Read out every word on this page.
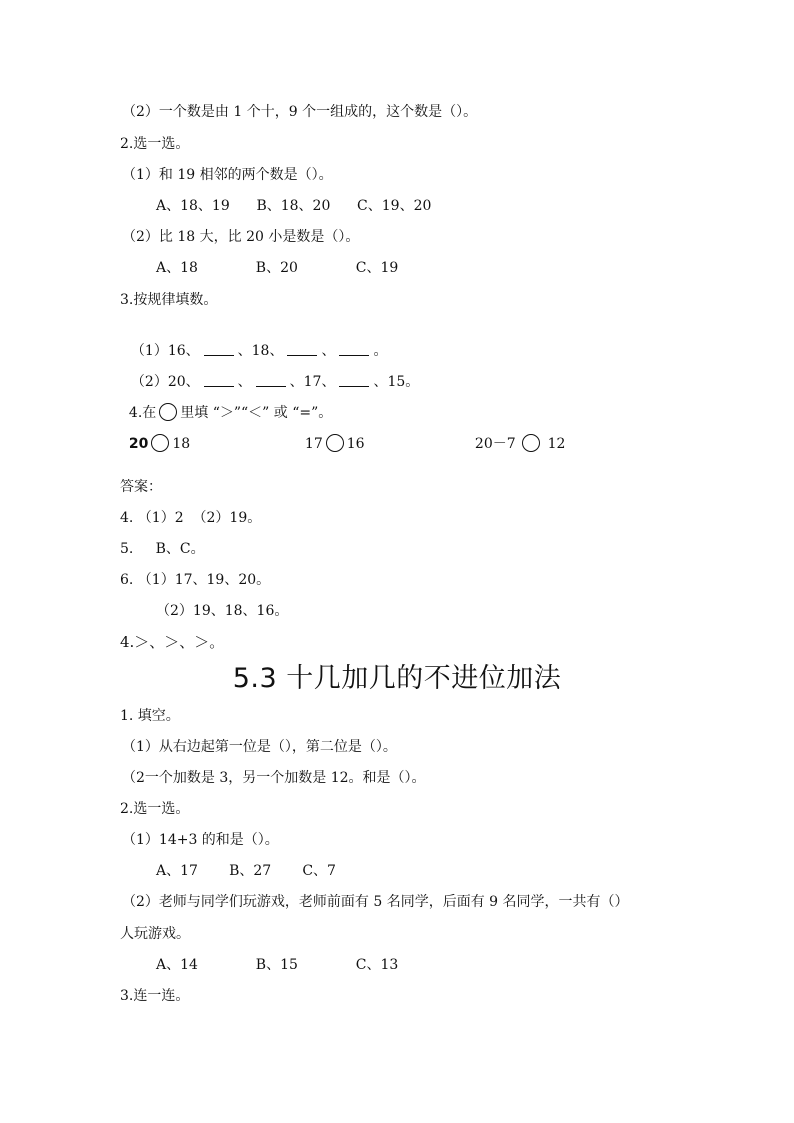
（2）一个数是由 1 个十，9 个一组成的，这个数是（）。
2.选一选。
（1）和 19 相邻的两个数是（）。
A、18、19      B、18、20      C、19、20
（2）比 18 大，比 20 小是数是（）。
A、18             B、20             C、19
3.按规律填数。

（1）16、	、18、	、	。

（2）20、	、	、17、	、15。

4.在 里填 “＞”“＜” 或 “=”。

20 18	17 16	20－7 12

答案：
4. （1）2  （2）19。
5.     B、C。
6. （1）17、19、20。
（2）19、18、16。
4.＞、＞、＞。
5.3 十几加几的不进位加法
1. 填空。
（1）从右边起第一位是（），第二位是（）。
（2一个加数是 3，另一个加数是 12。和是（）。
2.选一选。
（1）14+3 的和是（）。
A、17       B、27       C、7
（2）老师与同学们玩游戏，老师前面有 5 名同学，后面有 9 名同学，一共有（）
人玩游戏。
A、14             B、15             C、13
3.连一连。
